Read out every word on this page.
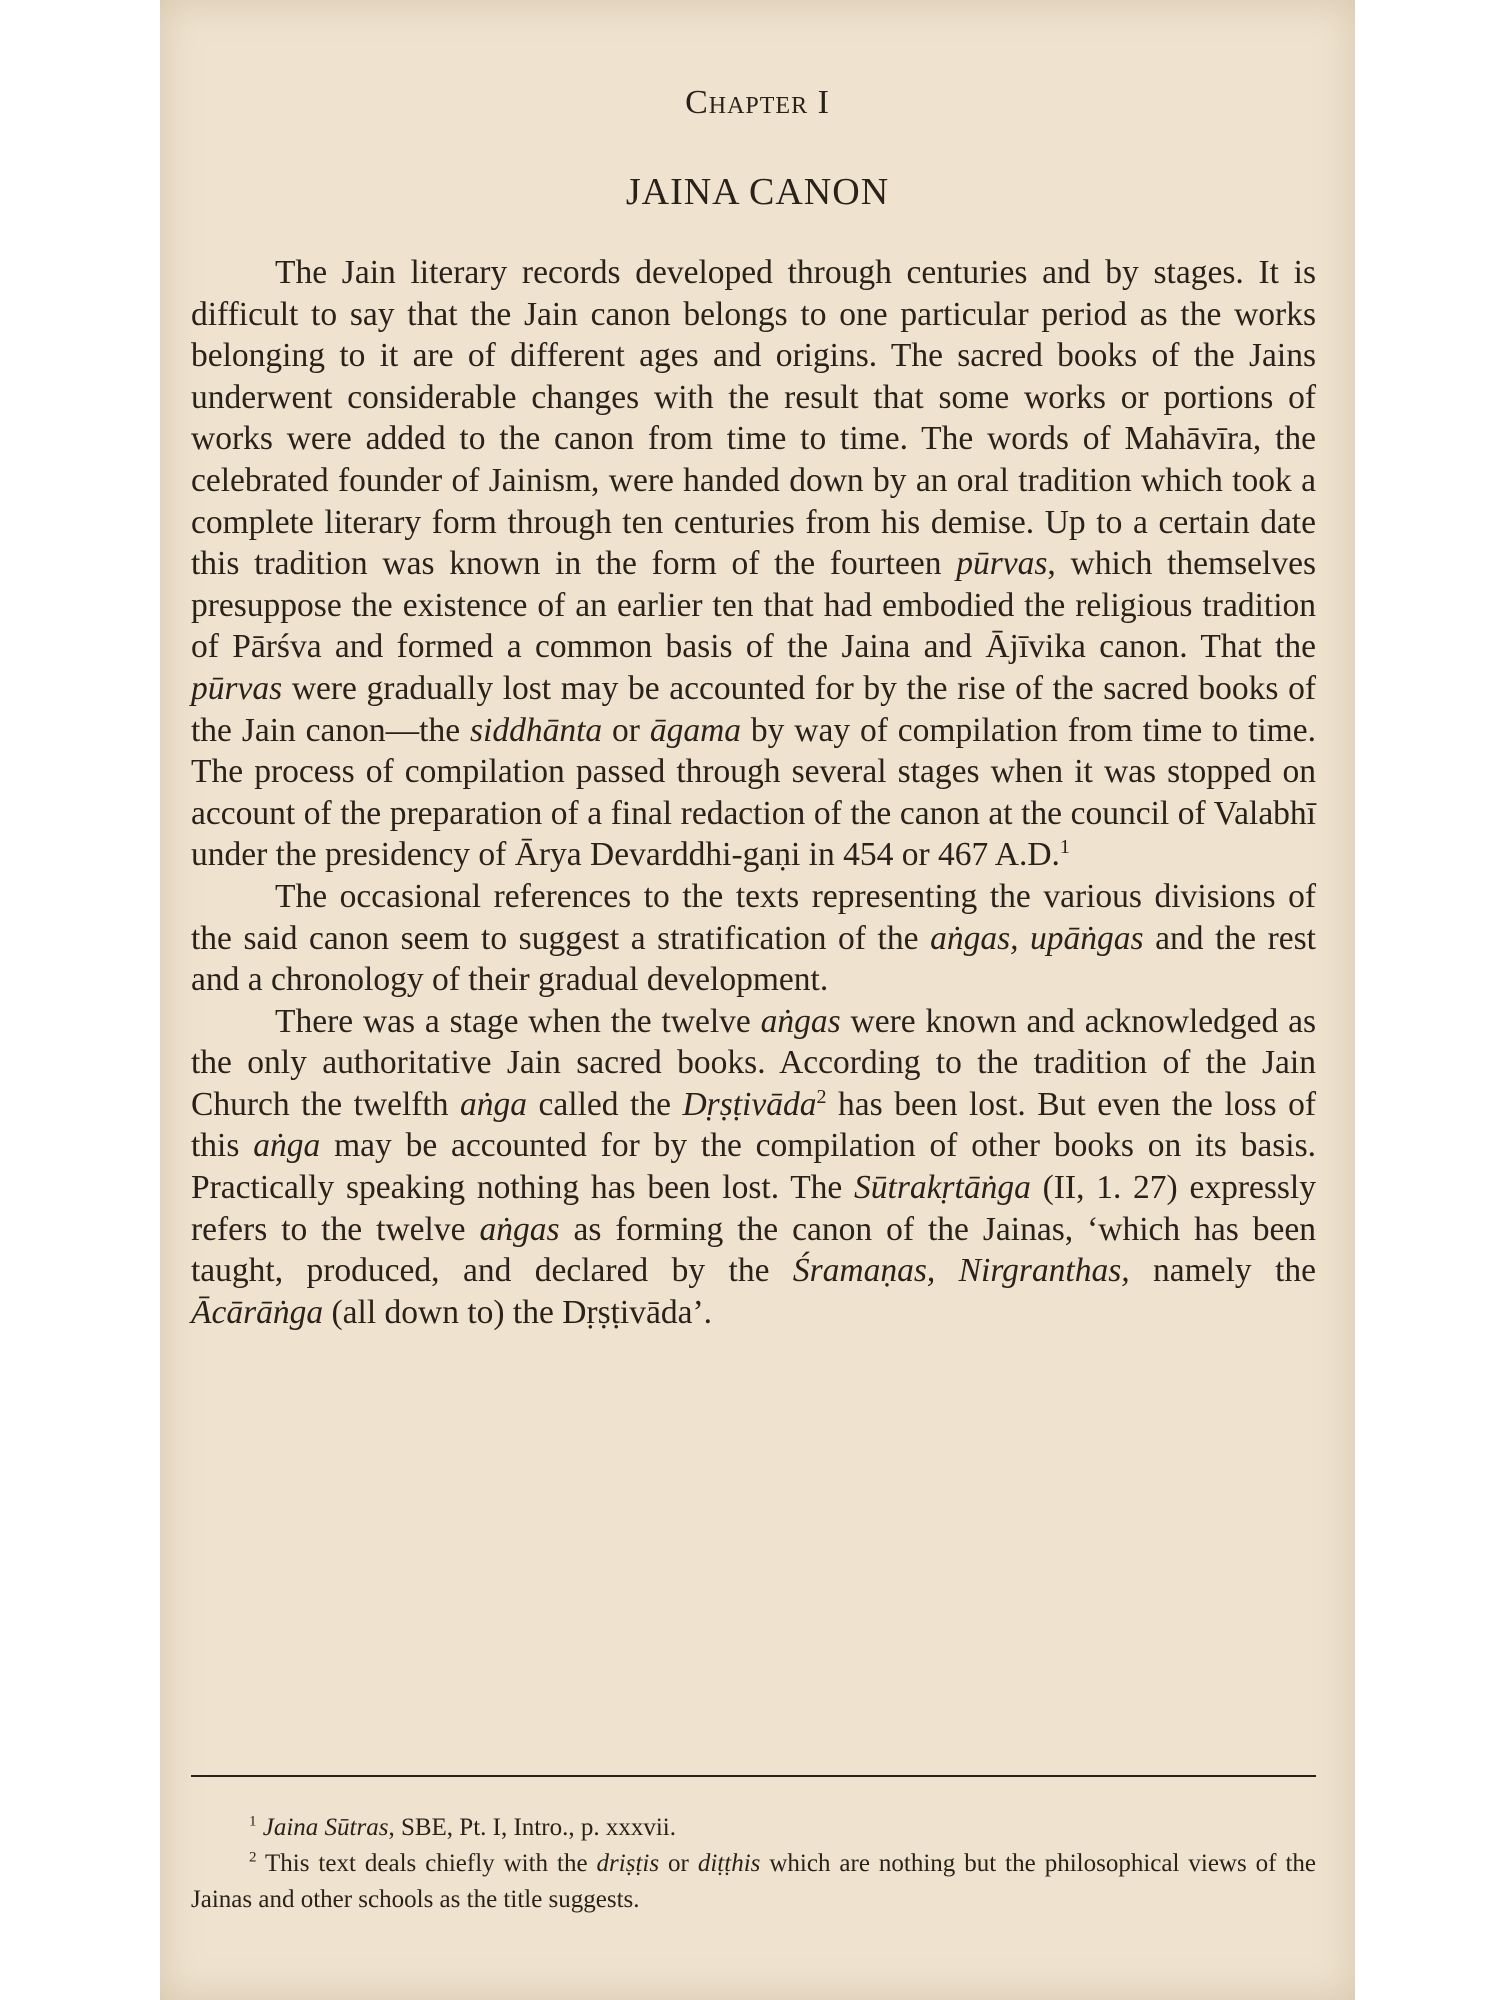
Chapter I
JAINA CANON

The Jain literary records developed through centuries and by stages. It is difficult to say that the Jain canon belongs to one particular period as the works belonging to it are of different ages and origins. The sacred books of the Jains underwent considerable changes with the result that some works or portions of works were added to the canon from time to time. The words of Mahāvīra, the celebrated founder of Jainism, were handed down by an oral tradition which took a complete literary form through ten centuries from his demise. Up to a certain date this tradition was known in the form of the fourteen pūrvas, which themselves presuppose the existence of an earlier ten that had embodied the religious tradition of Pārśva and formed a common basis of the Jaina and Ājīvika canon. That the pūrvas were gradually lost may be accounted for by the rise of the sacred books of the Jain canon—the siddhānta or āgama by way of compilation from time to time. The process of compilation passed through several stages when it was stopped on account of the preparation of a final redaction of the canon at the council of Valabhī under the presidency of Ārya Devarddhi-gaṇi in 454 or 467 A.D.$^1$

The occasional references to the texts representing the various divisions of the said canon seem to suggest a stratification of the aṅgas, upāṅgas and the rest and a chronology of their gradual development.

There was a stage when the twelve aṅgas were known and acknowledged as the only authoritative Jain sacred books. According to the tradition of the Jain Church the twelfth aṅga called the Dṛṣṭivāda$^2$ has been lost. But even the loss of this aṅga may be accounted for by the compilation of other books on its basis. Practically speaking nothing has been lost. The Sūtrakṛtāṅga (II, 1. 27) expressly refers to the twelve aṅgas as forming the canon of the Jainas, ‘which has been taught, produced, and declared by the Śramaṇas, Nirgranthas, namely the Ācārāṅga (all down to) the Dṛṣṭivāda’.

$^1$ Jaina Sūtras, SBE, Pt. I, Intro., p. xxxvii.

$^2$ This text deals chiefly with the driṣṭis or diṭṭhis which are nothing but the philosophical views of the Jainas and other schools as the title suggests.
